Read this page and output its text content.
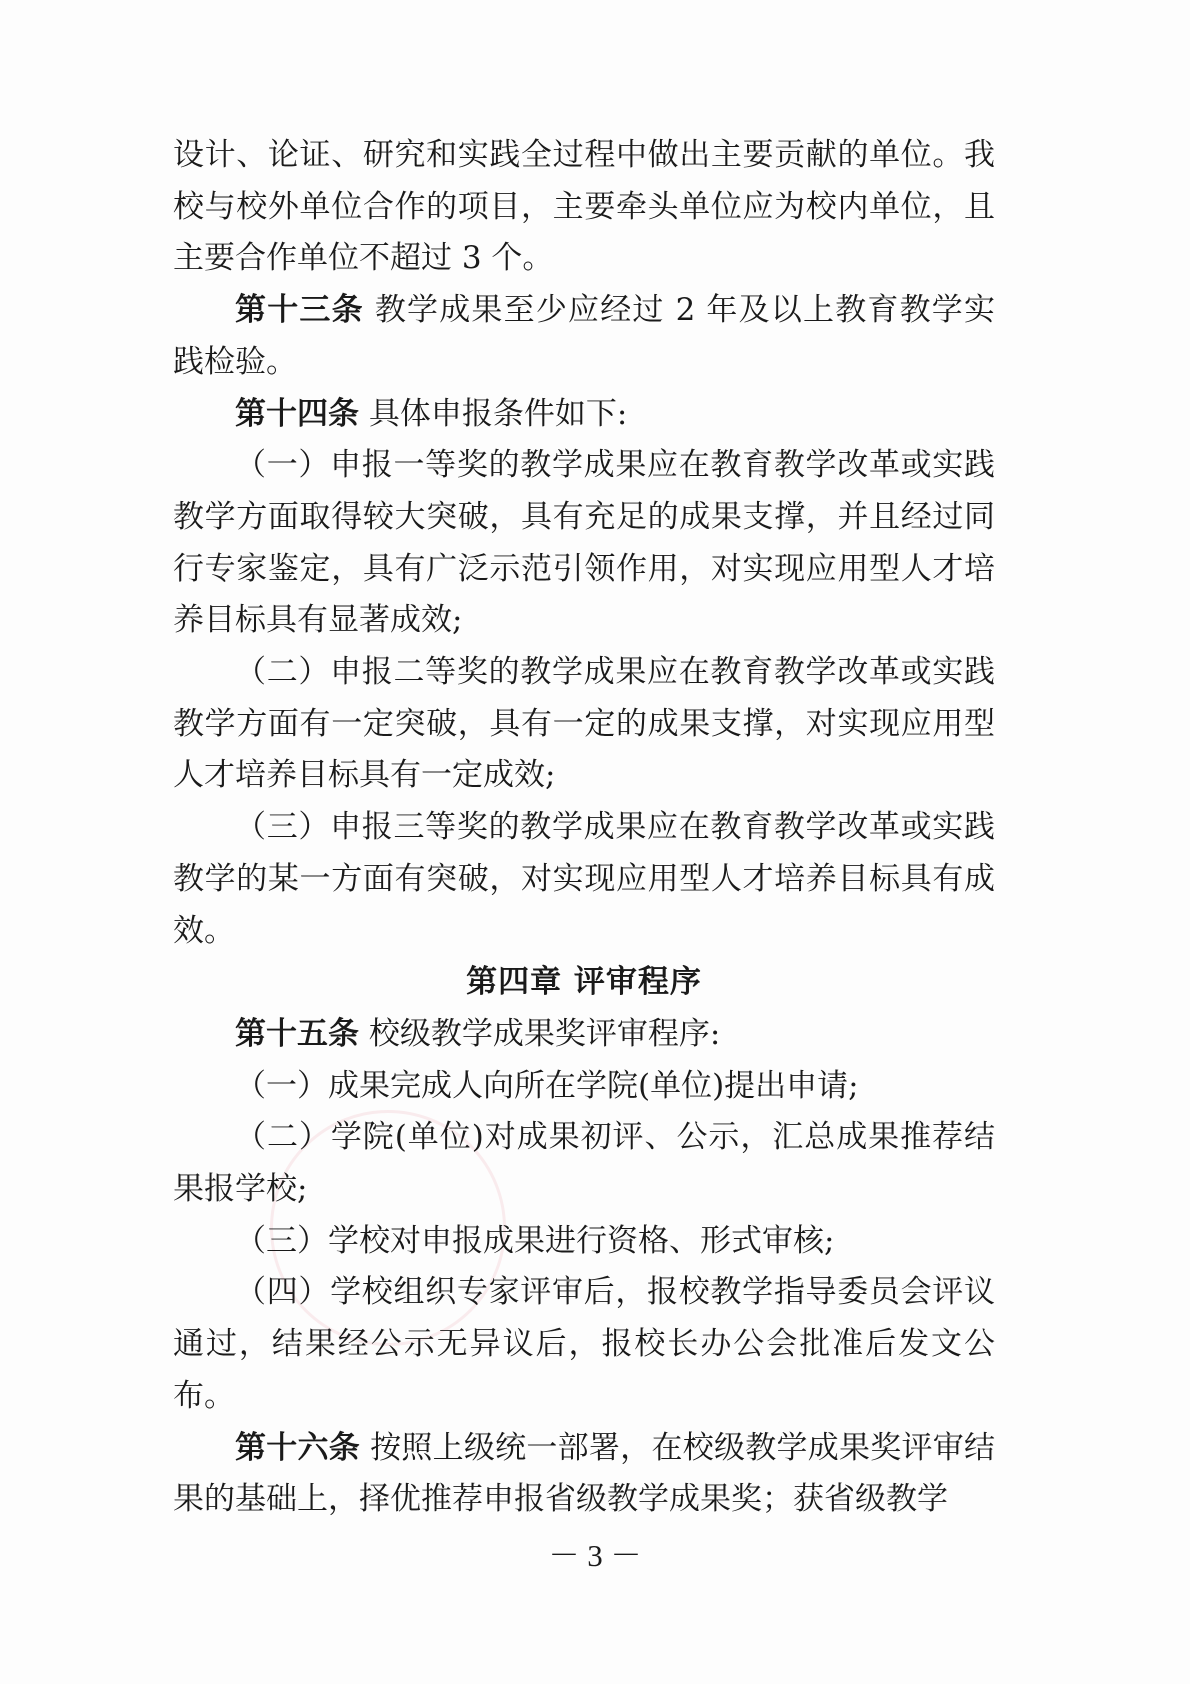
设计、论证、研究和实践全过程中做出主要贡献的单位。我校与校外单位合作的项目，主要牵头单位应为校内单位，且主要合作单位不超过 3 个。

第十三条 教学成果至少应经过 2 年及以上教育教学实践检验。

第十四条 具体申报条件如下:

（一）申报一等奖的教学成果应在教育教学改革或实践教学方面取得较大突破，具有充足的成果支撑，并且经过同行专家鉴定，具有广泛示范引领作用，对实现应用型人才培养目标具有显著成效;

（二）申报二等奖的教学成果应在教育教学改革或实践教学方面有一定突破，具有一定的成果支撑，对实现应用型人才培养目标具有一定成效;

（三）申报三等奖的教学成果应在教育教学改革或实践教学的某一方面有突破，对实现应用型人才培养目标具有成效。

第四章 评审程序

第十五条 校级教学成果奖评审程序:

（一）成果完成人向所在学院(单位)提出申请;

（二）学院(单位)对成果初评、公示，汇总成果推荐结果报学校;

（三）学校对申报成果进行资格、形式审核;

（四）学校组织专家评审后，报校教学指导委员会评议通过，结果经公示无异议后，报校长办公会批准后发文公布。

第十六条 按照上级统一部署，在校级教学成果奖评审结果的基础上，择优推荐申报省级教学成果奖；获省级教学

－ 3 －
